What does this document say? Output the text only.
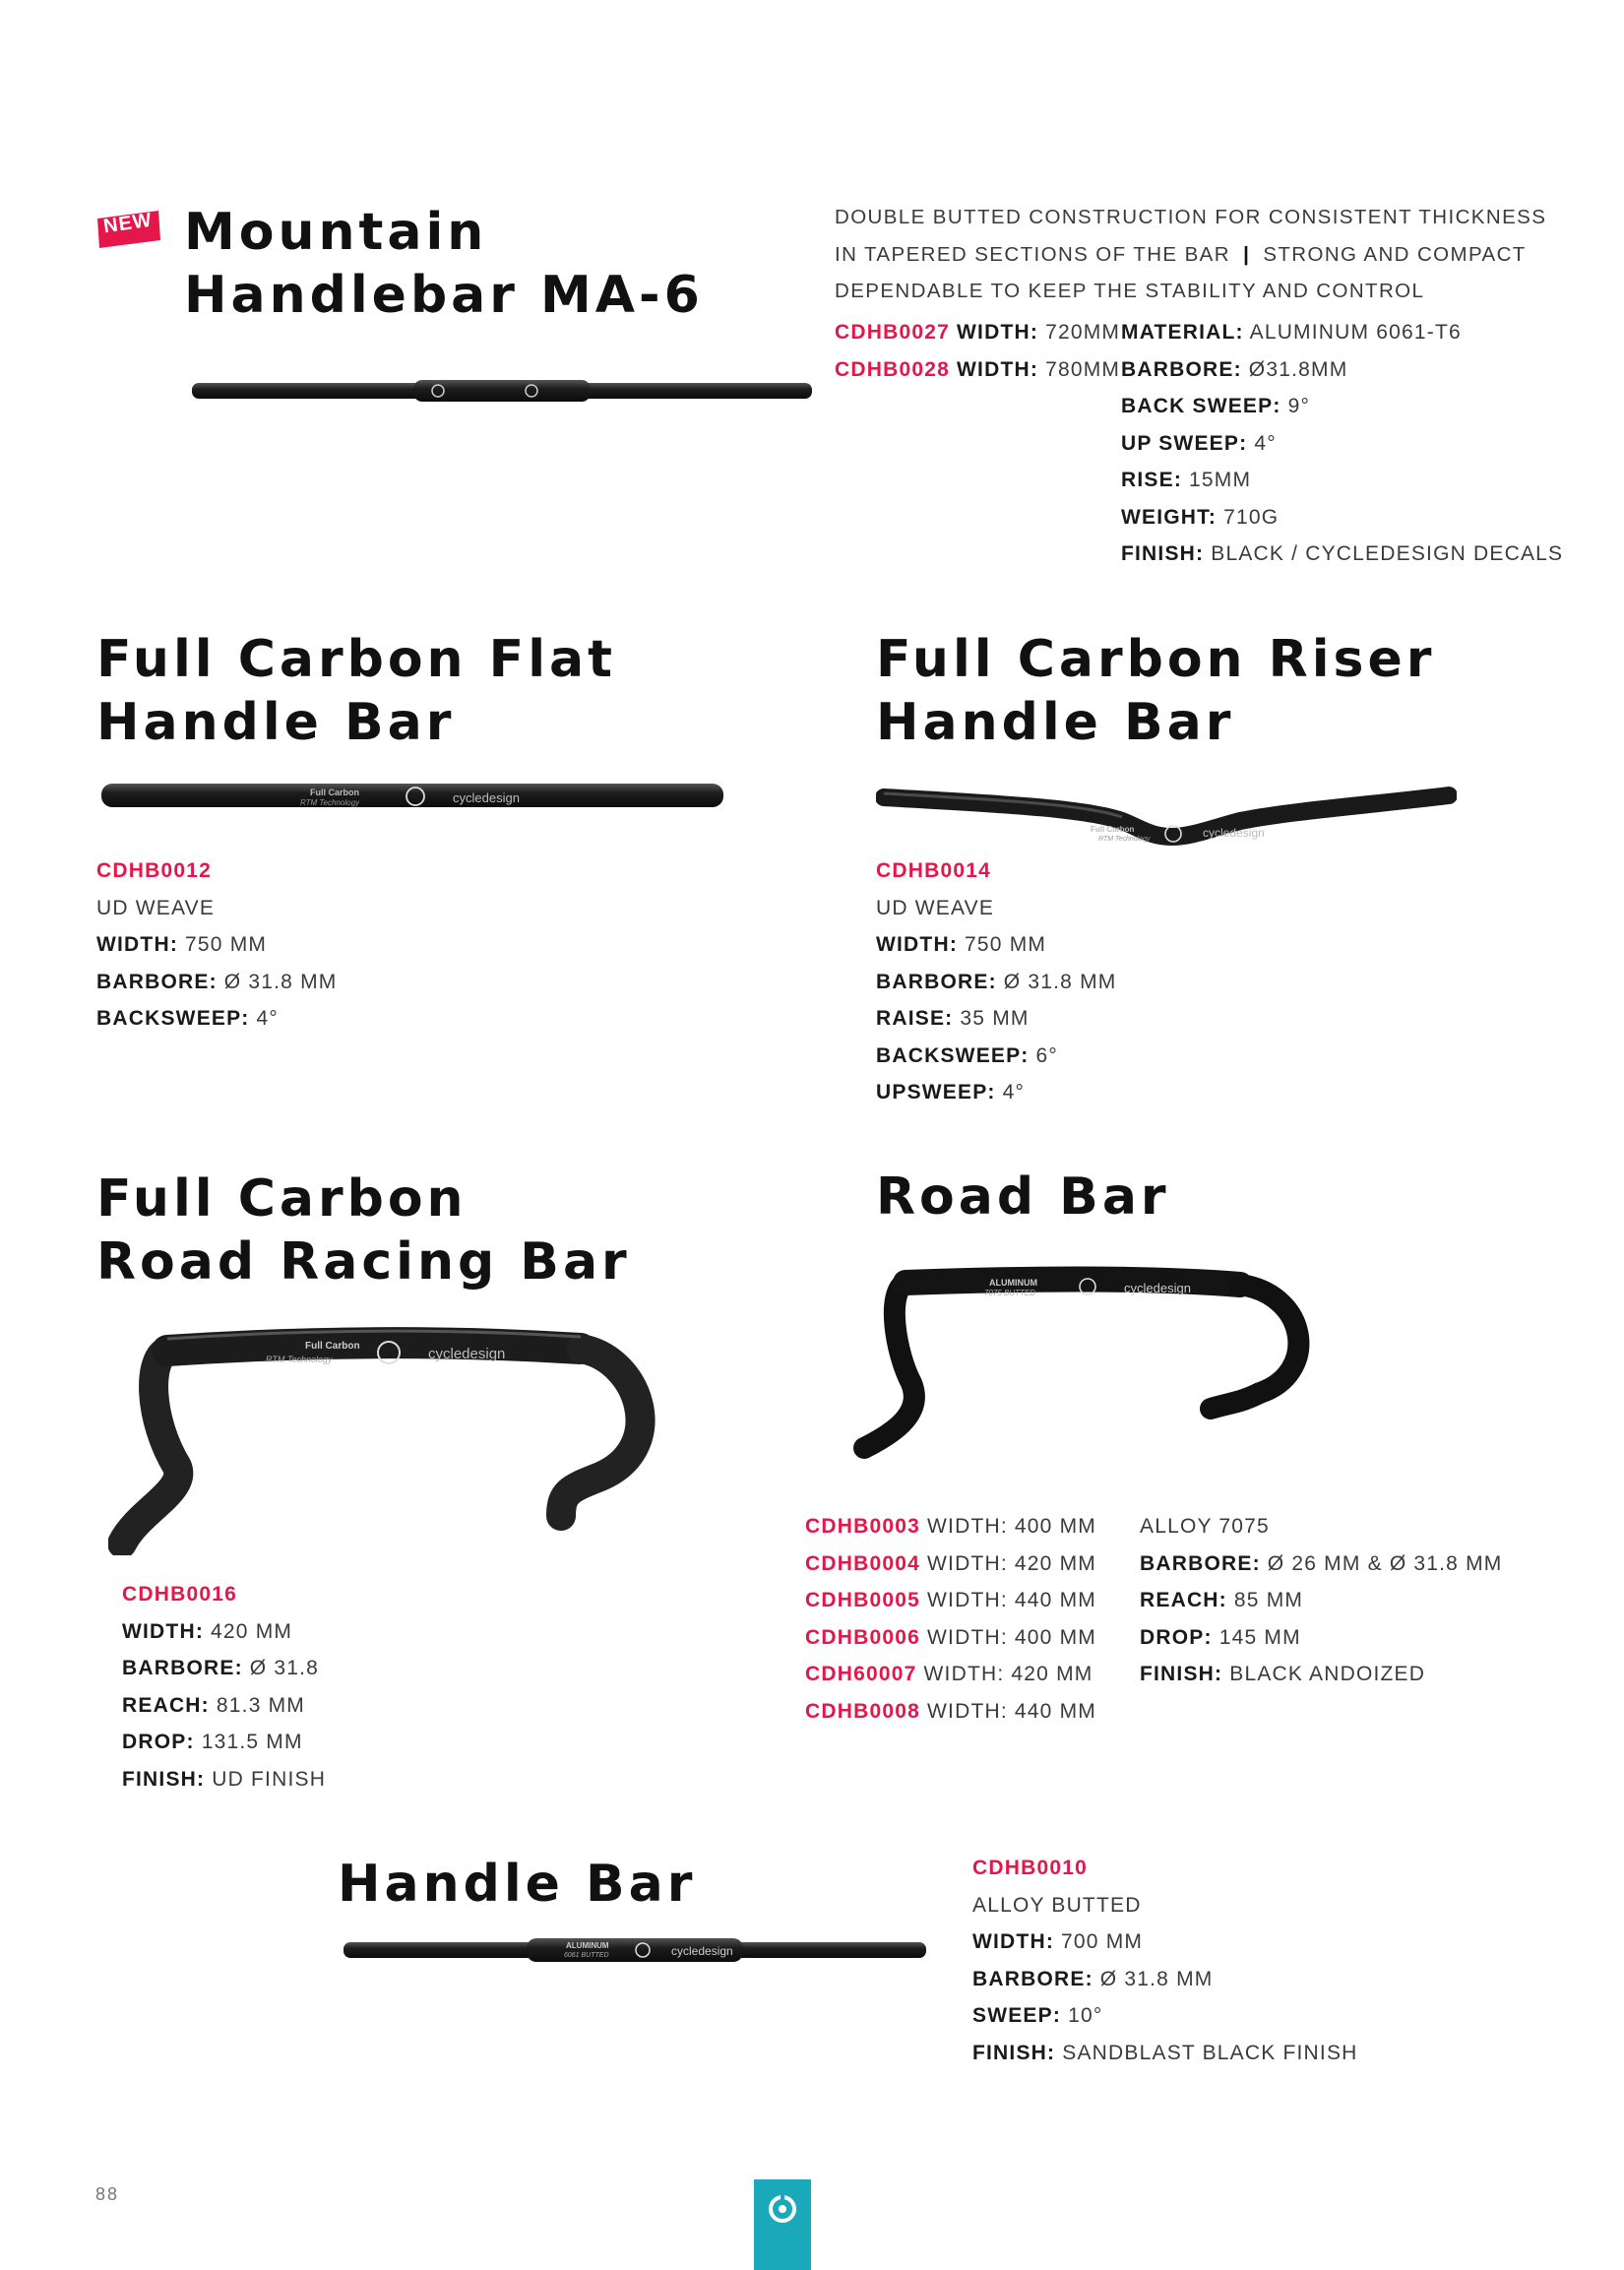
NEW Mountain
Handlebar MA-6
DOUBLE BUTTED CONSTRUCTION FOR CONSISTENT THICKNESS
IN TAPERED SECTIONS OF THE BAR | STRONG AND COMPACT
DEPENDABLE TO KEEP THE STABILITY AND CONTROL
CDHB0027 WIDTH: 720MM
CDHB0028 WIDTH: 780MM
MATERIAL: ALUMINUM 6061-T6
BARBORE: Ø31.8MM
BACK SWEEP: 9°
UP SWEEP: 4°
RISE: 15MM
WEIGHT: 710G
FINISH: BLACK / CYCLEDESIGN DECALS
Full Carbon Flat
Handle Bar
Full Carbon
RTM Technology	cycledesign
CDHB0012
UD WEAVE
WIDTH: 750 MM
BARBORE: Ø 31.8 MM
BACKSWEEP: 4°
Full Carbon Riser
Handle Bar
Full Carbon
RTM Technology	cycledesign
CDHB0014
UD WEAVE
WIDTH: 750 MM
BARBORE: Ø 31.8 MM
RAISE: 35 MM
BACKSWEEP: 6°
UPSWEEP: 4°
Full Carbon
Road Racing Bar
Full Carbon
RTM Technology	cycledesign
CDHB0016
WIDTH: 420 MM
BARBORE: Ø 31.8
REACH: 81.3 MM
DROP: 131.5 MM
FINISH: UD FINISH
Road Bar
ALUMINUM
7075 BUTTED	cycledesign
CDHB0003 WIDTH: 400 MM
CDHB0004 WIDTH: 420 MM
CDHB0005 WIDTH: 440 MM
CDHB0006 WIDTH: 400 MM
CDH60007 WIDTH: 420 MM
CDHB0008 WIDTH: 440 MM
ALLOY 7075
BARBORE: Ø 26 MM & Ø 31.8 MM
REACH: 85 MM
DROP: 145 MM
FINISH: BLACK ANDOIZED
Handle Bar
ALUMINUM
6061 BUTTED	cycledesign
CDHB0010
ALLOY BUTTED
WIDTH: 700 MM
BARBORE: Ø 31.8 MM
SWEEP: 10°
FINISH: SANDBLAST BLACK FINISH
88
